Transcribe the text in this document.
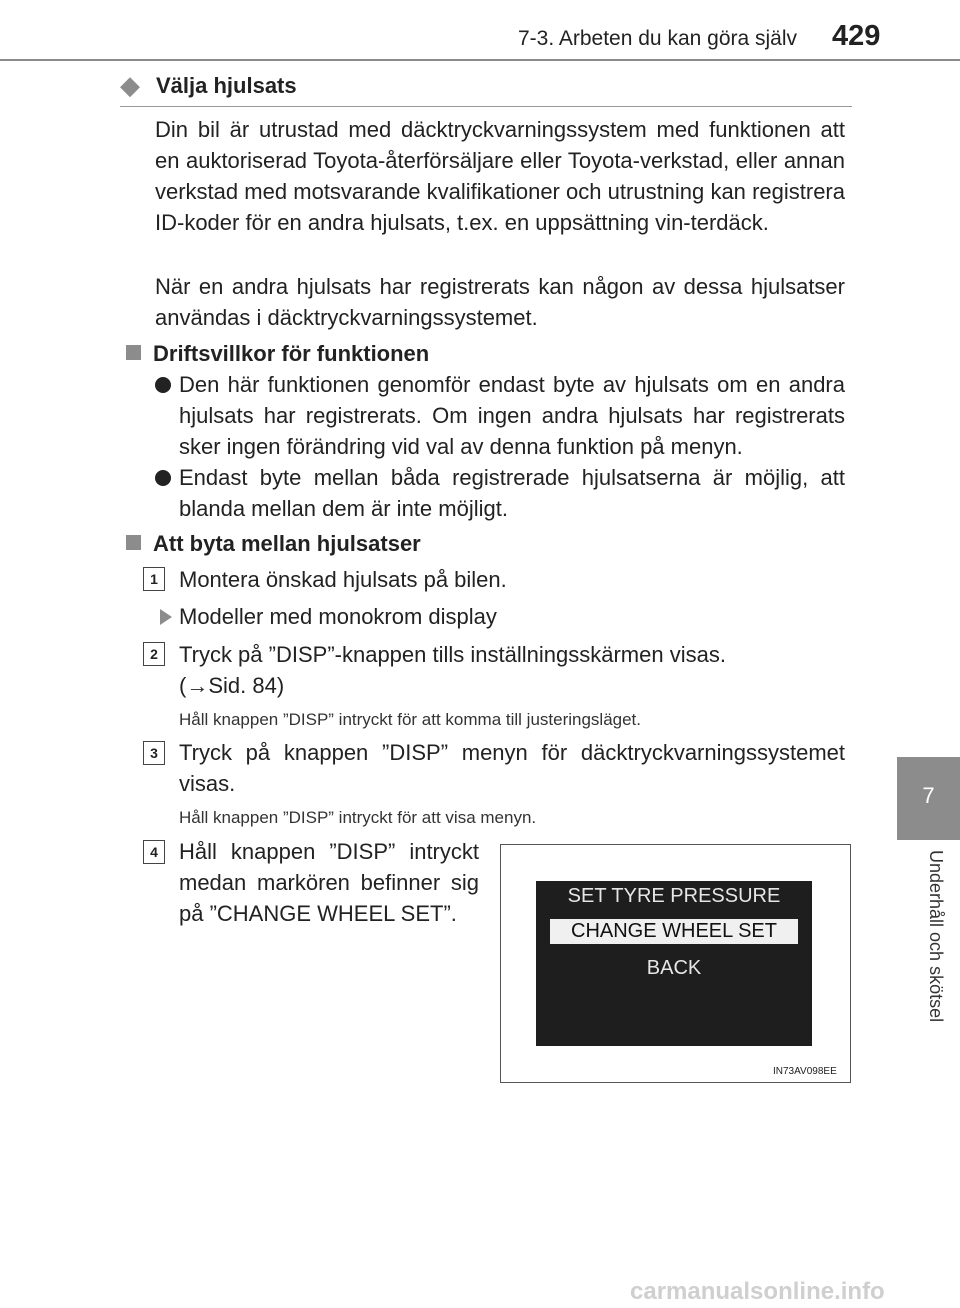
7-3. Arbeten du kan göra själv 429
7
Underhåll och skötsel
◆ Välja hjulsats
Din bil är utrustad med däcktryckvarningssystem med funktionen att en auktoriserad Toyota-återförsäljare eller Toyota-verkstad, eller annan verkstad med motsvarande kvalifikationer och utrustning kan registrera ID-koder för en andra hjulsats, t.ex. en uppsättning vin-terdäck.
När en andra hjulsats har registrerats kan någon av dessa hjulsatser användas i däcktryckvarningssystemet.
Driftsvillkor för funktionen
Den här funktionen genomför endast byte av hjulsats om en andra hjulsats har registrerats. Om ingen andra hjulsats har registrerats sker ingen förändring vid val av denna funktion på menyn.
Endast byte mellan båda registrerade hjulsatserna är möjlig, att blanda mellan dem är inte möjligt.
Att byta mellan hjulsatser
1 Montera önskad hjulsats på bilen.
Modeller med monokrom display
2 Tryck på ”DISP”-knappen tills inställningsskärmen visas.
(→Sid. 84)
Håll knappen ”DISP” intryckt för att komma till justeringsläget.
3 Tryck på knappen ”DISP” menyn för däcktryckvarningssystemet visas.
Håll knappen ”DISP” intryckt för att visa menyn.
4 Håll knappen ”DISP” intryckt medan markören befinner sig på ”CHANGE WHEEL SET”.
SET TYRE PRESSURE
CHANGE WHEEL SET
BACK
IN73AV098EE
carmanualsonline.info
